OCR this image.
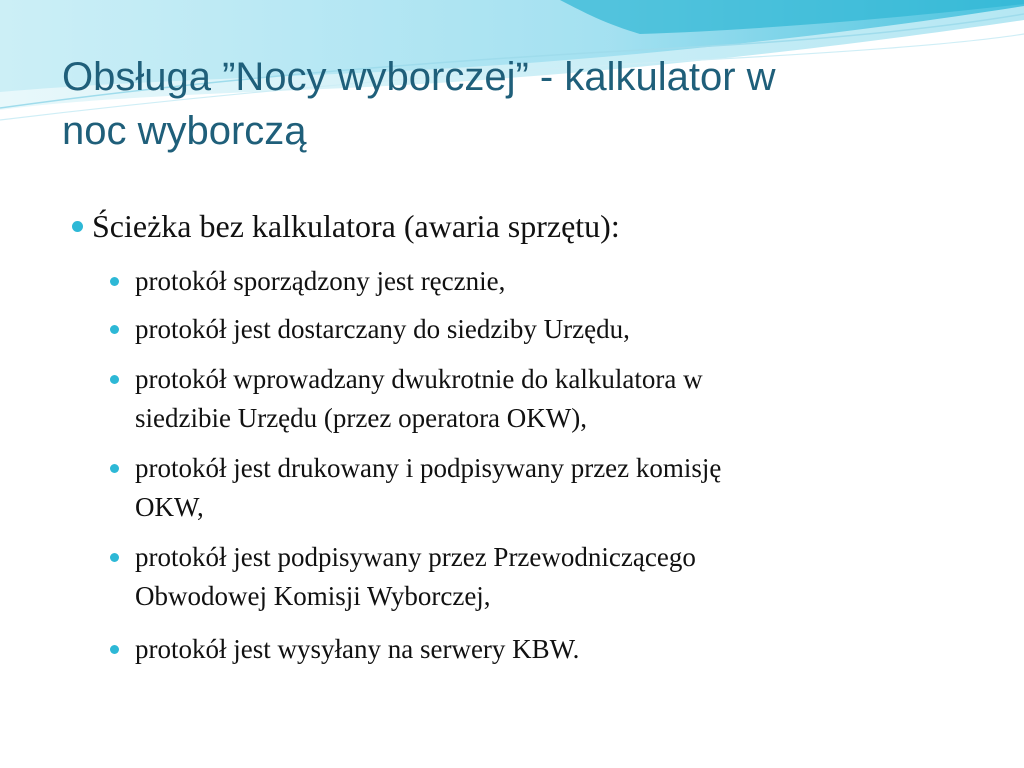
Obsługa ”Nocy wyborczej” - kalkulator w
noc wyborczą
Ścieżka bez kalkulatora (awaria sprzętu):
protokół sporządzony jest ręcznie,
protokół jest dostarczany do siedziby Urzędu,
protokół wprowadzany dwukrotnie do kalkulatora w
siedzibie Urzędu (przez operatora OKW),
protokół jest drukowany i podpisywany przez komisję
OKW,
protokół jest podpisywany przez Przewodniczącego
Obwodowej Komisji Wyborczej,
protokół jest wysyłany na serwery KBW.
